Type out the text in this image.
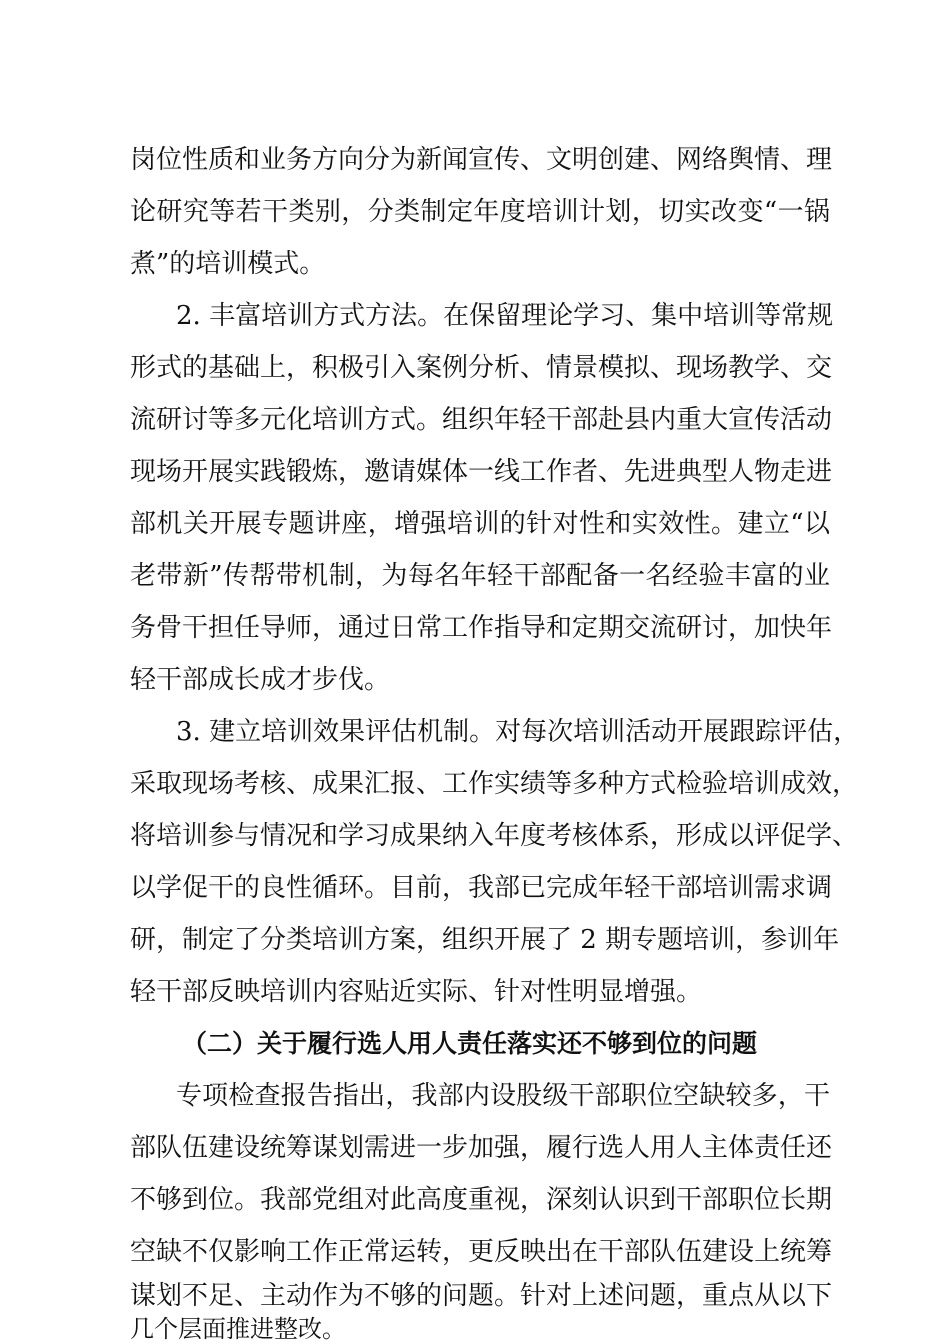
岗位性质和业务方向分为新闻宣传、文明创建、网络舆情、理
论研究等若干类别，分类制定年度培训计划，切实改变“一锅
煮”的培训模式。
2. 丰富培训方式方法。在保留理论学习、集中培训等常规
形式的基础上，积极引入案例分析、情景模拟、现场教学、交
流研讨等多元化培训方式。组织年轻干部赴县内重大宣传活动
现场开展实践锻炼，邀请媒体一线工作者、先进典型人物走进
部机关开展专题讲座，增强培训的针对性和实效性。建立“以
老带新”传帮带机制，为每名年轻干部配备一名经验丰富的业
务骨干担任导师，通过日常工作指导和定期交流研讨，加快年
轻干部成长成才步伐。
3. 建立培训效果评估机制。对每次培训活动开展跟踪评估，
采取现场考核、成果汇报、工作实绩等多种方式检验培训成效，
将培训参与情况和学习成果纳入年度考核体系，形成以评促学、
以学促干的良性循环。目前，我部已完成年轻干部培训需求调
研，制定了分类培训方案，组织开展了 2 期专题培训，参训年
轻干部反映培训内容贴近实际、针对性明显增强。
（二）关于履行选人用人责任落实还不够到位的问题
专项检查报告指出，我部内设股级干部职位空缺较多，干
部队伍建设统筹谋划需进一步加强，履行选人用人主体责任还
不够到位。我部党组对此高度重视，深刻认识到干部职位长期
空缺不仅影响工作正常运转，更反映出在干部队伍建设上统筹
谋划不足、主动作为不够的问题。针对上述问题，重点从以下
几个层面推进整改。
